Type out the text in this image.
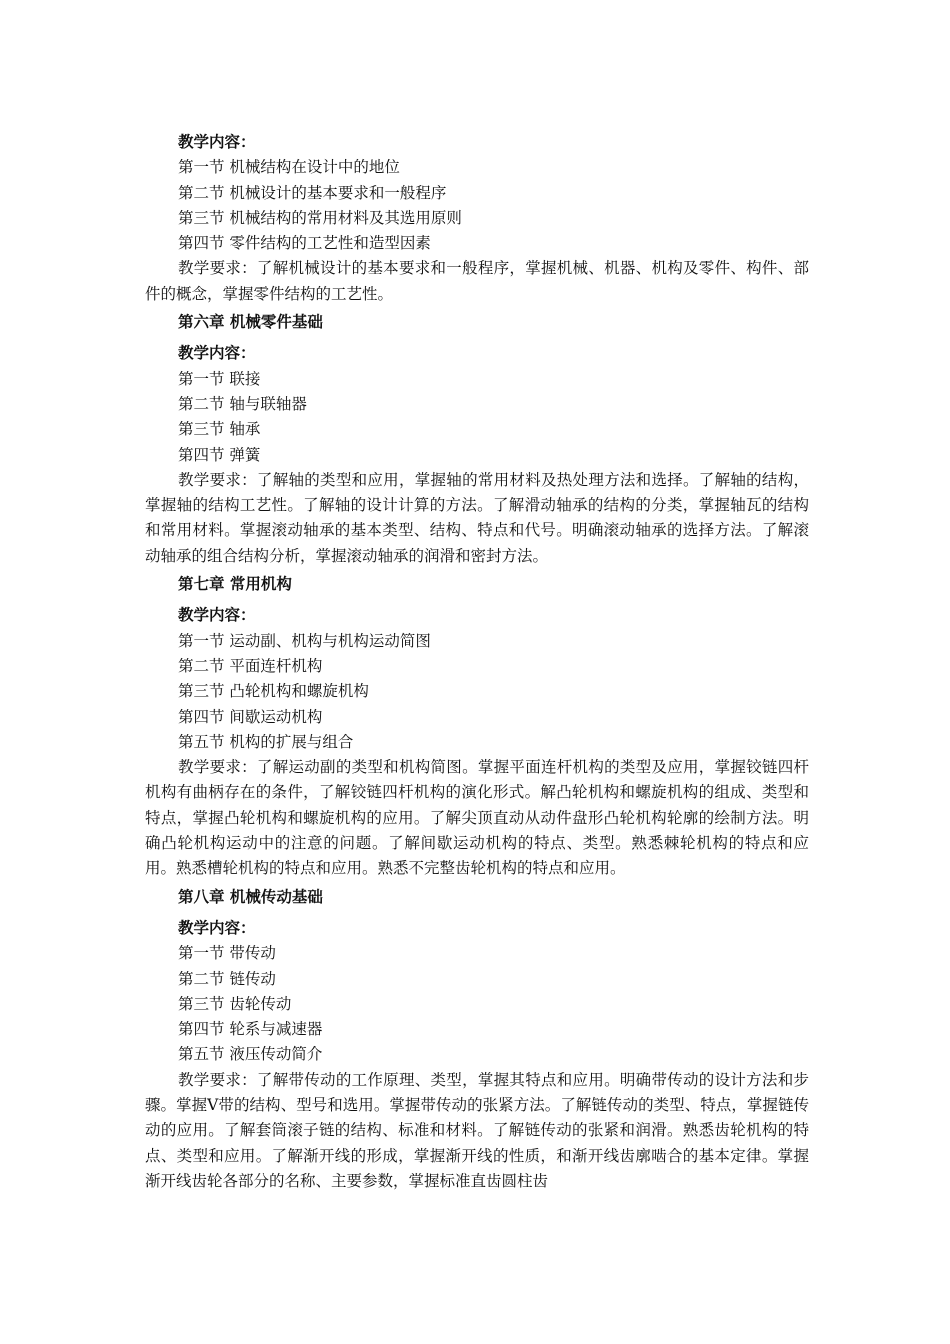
教学内容：

第一节 机械结构在设计中的地位

第二节 机械设计的基本要求和一般程序

第三节 机械结构的常用材料及其选用原则

第四节 零件结构的工艺性和造型因素

教学要求：了解机械设计的基本要求和一般程序，掌握机械、机器、机构及零件、构件、部件的概念，掌握零件结构的工艺性。

第六章 机械零件基础

教学内容：

第一节 联接

第二节 轴与联轴器

第三节 轴承

第四节 弹簧

教学要求：了解轴的类型和应用，掌握轴的常用材料及热处理方法和选择。了解轴的结构，掌握轴的结构工艺性。了解轴的设计计算的方法。了解滑动轴承的结构的分类，掌握轴瓦的结构和常用材料。掌握滚动轴承的基本类型、结构、特点和代号。明确滚动轴承的选择方法。了解滚动轴承的组合结构分析，掌握滚动轴承的润滑和密封方法。

第七章 常用机构

教学内容：

第一节 运动副、机构与机构运动简图

第二节 平面连杆机构

第三节 凸轮机构和螺旋机构

第四节 间歇运动机构

第五节 机构的扩展与组合

教学要求：了解运动副的类型和机构简图。掌握平面连杆机构的类型及应用，掌握铰链四杆机构有曲柄存在的条件，了解铰链四杆机构的演化形式。解凸轮机构和螺旋机构的组成、类型和特点，掌握凸轮机构和螺旋机构的应用。了解尖顶直动从动件盘形凸轮机构轮廓的绘制方法。明确凸轮机构运动中的注意的问题。了解间歇运动机构的特点、类型。熟悉棘轮机构的特点和应用。熟悉槽轮机构的特点和应用。熟悉不完整齿轮机构的特点和应用。

第八章 机械传动基础

教学内容：

第一节 带传动

第二节 链传动

第三节 齿轮传动

第四节 轮系与减速器

第五节 液压传动简介

教学要求：了解带传动的工作原理、类型，掌握其特点和应用。明确带传动的设计方法和步骤。掌握V带的结构、型号和选用。掌握带传动的张紧方法。了解链传动的类型、特点，掌握链传动的应用。了解套筒滚子链的结构、标准和材料。了解链传动的张紧和润滑。熟悉齿轮机构的特点、类型和应用。了解渐开线的形成，掌握渐开线的性质，和渐开线齿廓啮合的基本定律。掌握渐开线齿轮各部分的名称、主要参数，掌握标准直齿圆柱齿
